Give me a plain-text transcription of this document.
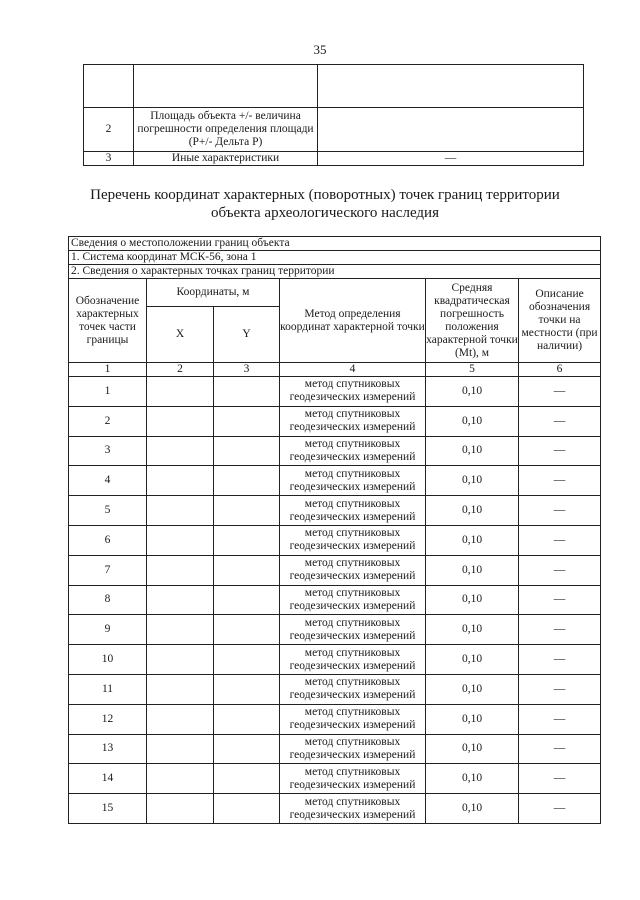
35

2	Площадь объекта +/- величина погрешности определения площади (Р+/- Дельта Р)	
3	Иные характеристики	—
Перечень координат характерных (поворотных) точек границ территории
объекта археологического наследия
Сведения о местоположении границ объекта					
1. Система координат МСК-56, зона 1					
2. Сведения о характерных точках границ территории					
Обозначение характерных точек части границы	Координаты, м		Метод определения координат характерной точки	Средняя квадратическая погрешность положения характерной точки (Mt), м	Описание обозначения точки на местности (при наличии)
	X	Y			
1	2	3	4	5	6
1			метод спутниковых геодезических измерений	0,10	—
2			метод спутниковых геодезических измерений	0,10	—
3			метод спутниковых геодезических измерений	0,10	—
4			метод спутниковых геодезических измерений	0,10	—
5			метод спутниковых геодезических измерений	0,10	—
6			метод спутниковых геодезических измерений	0,10	—
7			метод спутниковых геодезических измерений	0,10	—
8			метод спутниковых геодезических измерений	0,10	—
9			метод спутниковых геодезических измерений	0,10	—
10			метод спутниковых геодезических измерений	0,10	—
11			метод спутниковых геодезических измерений	0,10	—
12			метод спутниковых геодезических измерений	0,10	—
13			метод спутниковых геодезических измерений	0,10	—
14			метод спутниковых геодезических измерений	0,10	—
15			метод спутниковых геодезических измерений	0,10	—
